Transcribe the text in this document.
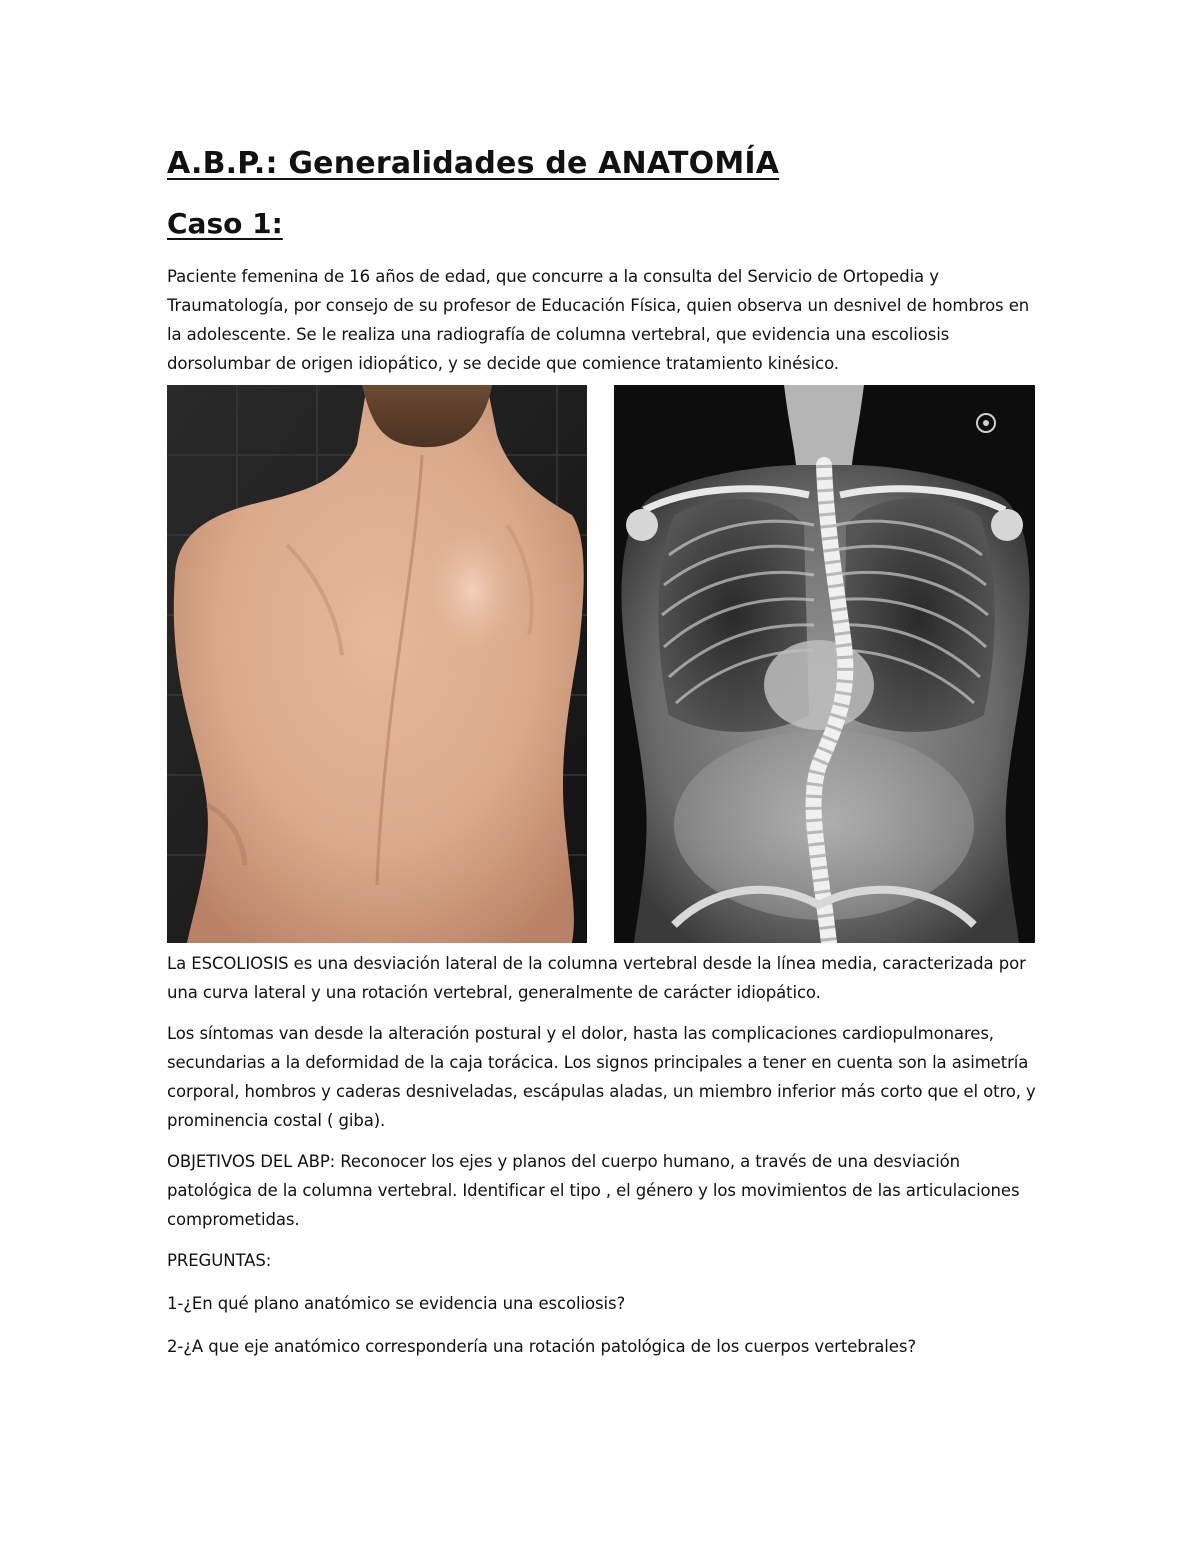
A.B.P.: Generalidades de ANATOMÍA
Caso 1:

Paciente femenina de 16 años de edad, que concurre a la consulta del Servicio de Ortopedia y Traumatología, por consejo de su profesor de Educación Física, quien observa un desnivel de hombros en la adolescente. Se le realiza una radiografía de columna vertebral, que evidencia una escoliosis dorsolumbar de origen idiopático, y se decide que comience tratamiento kinésico.

La ESCOLIOSIS es una desviación lateral de la columna vertebral desde la línea media, caracterizada por una curva lateral y una rotación vertebral, generalmente de carácter idiopático.

Los síntomas van desde la alteración postural y el dolor, hasta las complicaciones cardiopulmonares, secundarias a la deformidad de la caja torácica. Los signos principales a tener en cuenta son la asimetría corporal, hombros y caderas desniveladas, escápulas aladas, un miembro inferior más corto que el otro, y prominencia costal ( giba).

OBJETIVOS DEL ABP: Reconocer los ejes y planos del cuerpo humano, a través de una desviación patológica de la columna vertebral. Identificar el tipo , el género y los movimientos de las articulaciones comprometidas.

PREGUNTAS:

1-¿En qué plano anatómico se evidencia una escoliosis?

2-¿A que eje anatómico correspondería una rotación patológica de los cuerpos vertebrales?
